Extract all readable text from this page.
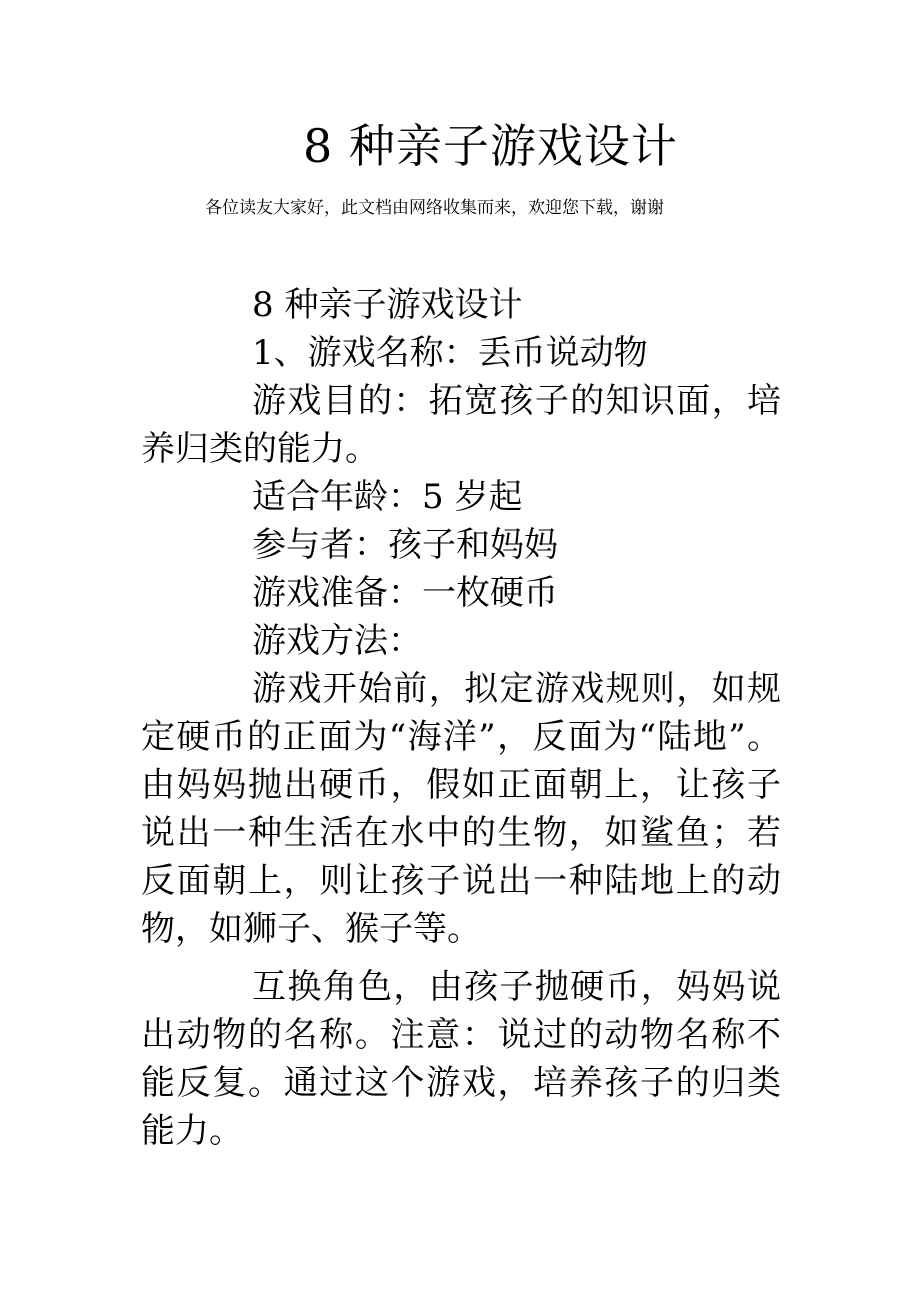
8 种亲子游戏设计
各位读友大家好，此文档由网络收集而来，欢迎您下载，谢谢

8 种亲子游戏设计

1、游戏名称：丢币说动物

游戏目的：拓宽孩子的知识面，培养归类的能力。

适合年龄：5 岁起

参与者：孩子和妈妈

游戏准备：一枚硬币

游戏方法：

游戏开始前，拟定游戏规则，如规定硬币的正面为“海洋”，反面为“陆地”。由妈妈抛出硬币，假如正面朝上，让孩子说出一种生活在水中的生物，如鲨鱼；若反面朝上，则让孩子说出一种陆地上的动物，如狮子、猴子等。

互换角色，由孩子抛硬币，妈妈说出动物的名称。注意：说过的动物名称不能反复。通过这个游戏，培养孩子的归类能力。
